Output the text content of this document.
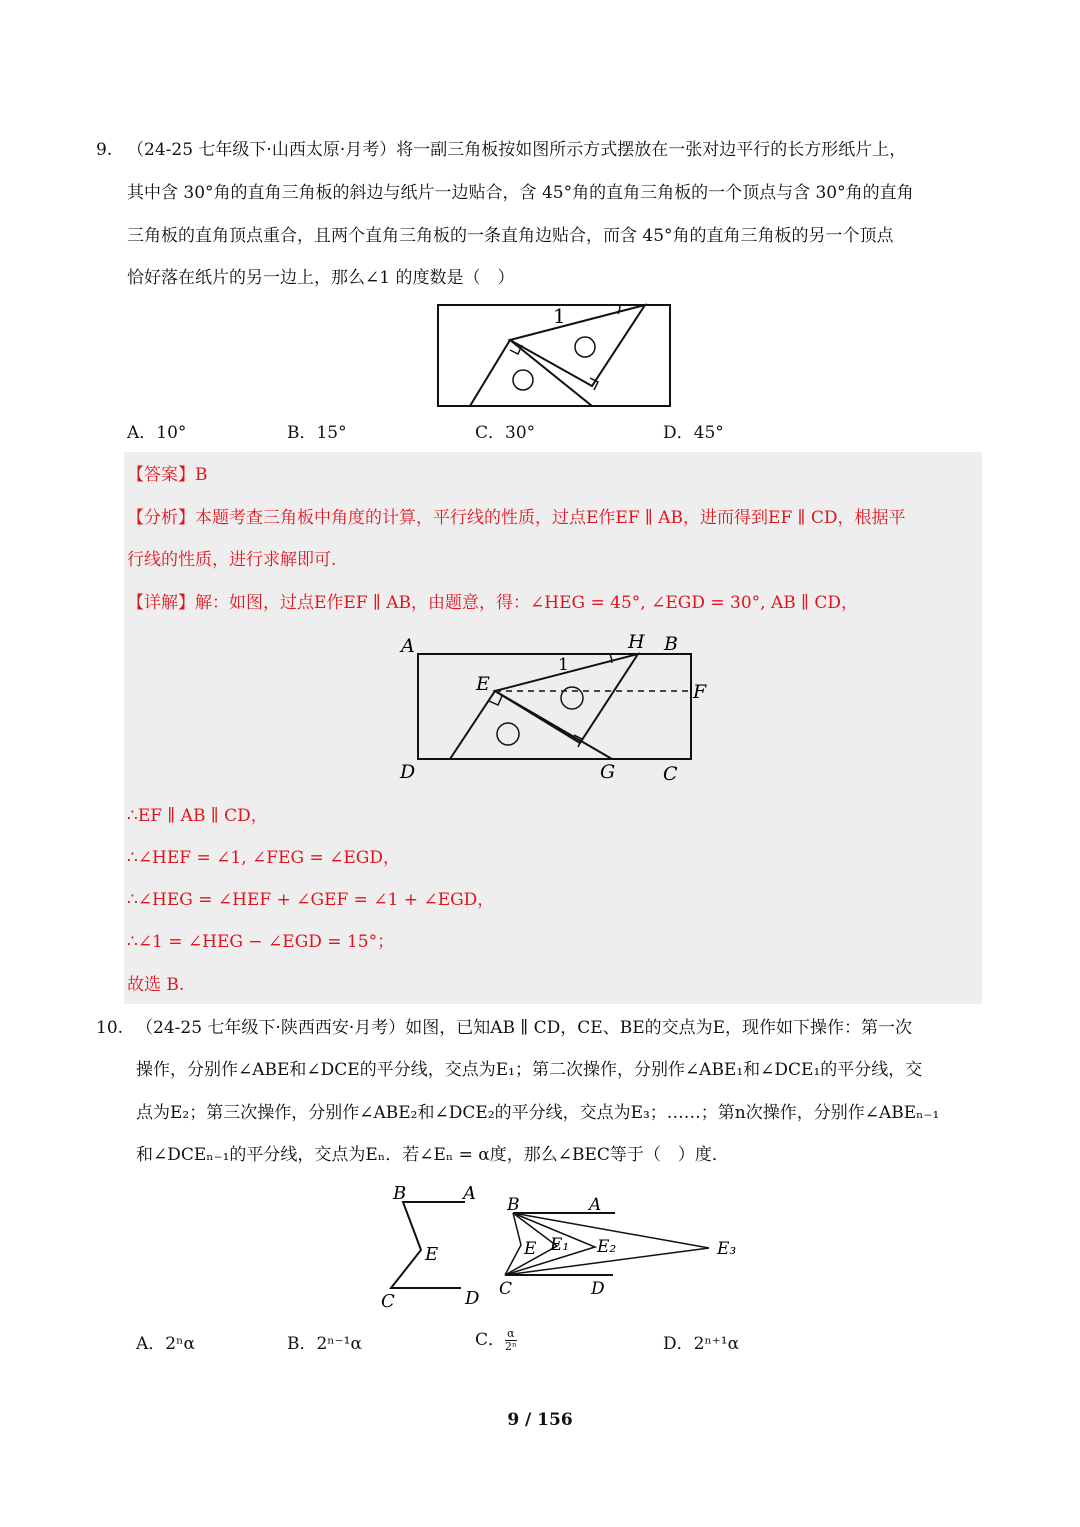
9. （24-25 七年级下·山西太原·月考）将一副三角板按如图所示方式摆放在一张对边平行的长方形纸片上，
其中含 30°角的直角三角板的斜边与纸片一边贴合，含 45°角的直角三角板的一个顶点与含 30°角的直角
三角板的直角顶点重合，且两个直角三角板的一条直角边贴合，而含 45°角的直角三角板的另一个顶点
恰好落在纸片的另一边上，那么∠1 的度数是（　）
1
A．10°	B．15°	C．30°	D．45°
【答案】B
【分析】本题考查三角板中角度的计算，平行线的性质，过点E作EF ∥ AB，进而得到EF ∥ CD，根据平
行线的性质，进行求解即可.
【详解】解：如图，过点E作EF ∥ AB，由题意，得：∠HEG = 45°, ∠EGD = 30°, AB ∥ CD，
A	H B
E	F
D	G	C
1
∴EF ∥ AB ∥ CD，
∴∠HEF = ∠1, ∠FEG = ∠EGD，
∴∠HEG = ∠HEF + ∠GEF = ∠1 + ∠EGD，
∴∠1 = ∠HEG − ∠EGD = 15°；
故选 B.
10. （24-25 七年级下·陕西西安·月考）如图，已知AB ∥ CD，CE、BE的交点为E，现作如下操作：第一次
操作，分别作∠ABE和∠DCE的平分线，交点为E₁；第二次操作，分别作∠ABE₁和∠DCE₁的平分线，交
点为E₂；第三次操作，分别作∠ABE₂和∠DCE₂的平分线，交点为E₃；……；第n次操作，分别作∠ABEₙ₋₁
和∠DCEₙ₋₁的平分线，交点为Eₙ．若∠Eₙ = α度，那么∠BEC等于（　）度．
B	A
E
C	D
B	A
E E₁ E₂	E₃
C	D
A．2ⁿα	B．2ⁿ⁻¹α	C． $\frac{\alpha}{\text{2ⁿ}}$	D．2ⁿ⁺¹α
9 / 156
